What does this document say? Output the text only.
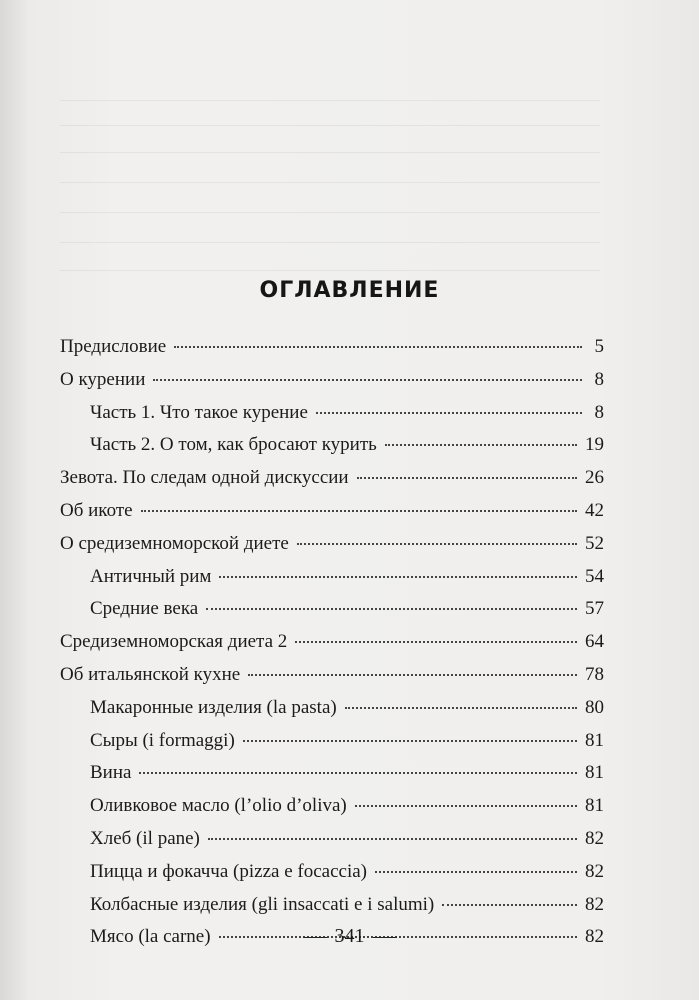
ОГЛАВЛЕНИЕ
Предисловие	5
О курении	8
Часть 1. Что такое курение	8
Часть 2. О том, как бросают курить	19
Зевота. По следам одной дискуссии	26
Об икоте	42
О средиземноморской диете	52
Античный рим	54
Средние века	57
Средиземноморская диета 2	64
Об итальянской кухне	78
Макаронные изделия (la pasta)	80
Сыры (i formaggi)	81
Вина	81
Оливковое масло (l’olio d’oliva)	81
Хлеб (il pane)	82
Пицца и фокачча (pizza e focaccia)	82
Колбасные изделия (gli insaccati e i salumi)	82
Мясо (la carne)	82
341
